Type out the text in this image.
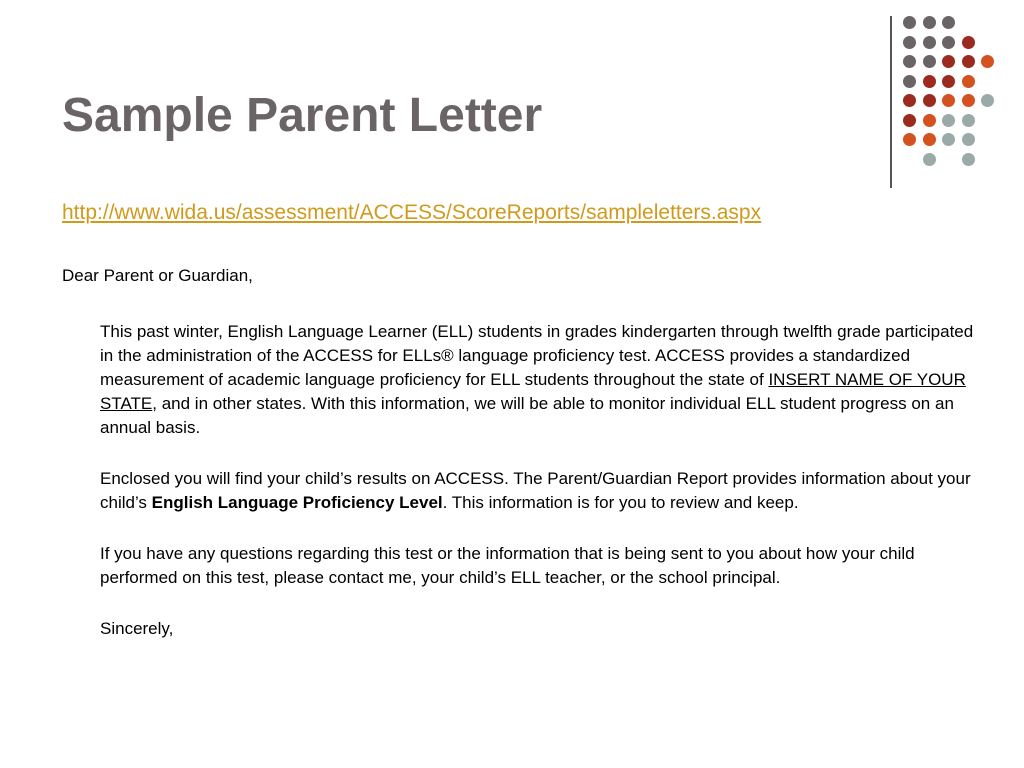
Sample Parent Letter
http://www.wida.us/assessment/ACCESS/ScoreReports/sampleletters.aspx
Dear Parent or Guardian,

This past winter, English Language Learner (ELL) students in grades kindergarten through twelfth grade participated in the administration of the ACCESS for ELLs® language proficiency test. ACCESS provides a standardized measurement of academic language proficiency for ELL students throughout the state of INSERT NAME OF YOUR STATE, and in other states. With this information, we will be able to monitor individual ELL student progress on an annual basis.

Enclosed you will find your child’s results on ACCESS. The Parent/Guardian Report provides information about your child’s English Language Proficiency Level. This information is for you to review and keep.

If you have any questions regarding this test or the information that is being sent to you about how your child performed on this test, please contact me, your child’s ELL teacher, or the school principal.

Sincerely,
